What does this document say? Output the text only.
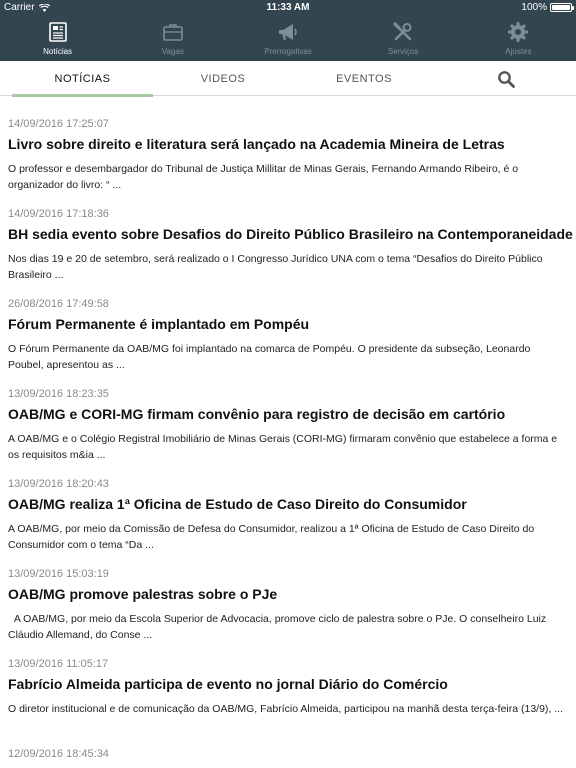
Carrier	11:33 AM	100%
Notícias	Vagas	Prerrogativas	Serviços	Ajustes
NOTÍCIAS	VIDEOS	EVENTOS
14/09/2016 17:25:07
Livro sobre direito e literatura será lançado na Academia Mineira de Letras
O professor e desembargador do Tribunal de Justiça Millitar de Minas Gerais, Fernando Armando Ribeiro, é o organizador do livro: “ ...
14/09/2016 17:18:36
BH sedia evento sobre Desafios do Direito Público Brasileiro na Contemporaneidade
Nos dias 19 e 20 de setembro, será realizado o I Congresso Jurídico UNA com o tema “Desafios do Direito Público Brasileiro ...
26/08/2016 17:49:58
Fórum Permanente é implantado em Pompéu
O Fórum Permanente da OAB/MG foi implantado na comarca de Pompéu. O presidente da subseção, Leonardo Poubel, apresentou as ...
13/09/2016 18:23:35
OAB/MG e CORI-MG firmam convênio para registro de decisão em cartório
A OAB/MG e o Colégio Registral Imobiliário de Minas Gerais (CORI-MG) firmaram convênio que estabelece a forma e os requisitos m&ia ...
13/09/2016 18:20:43
OAB/MG realiza 1ª Oficina de Estudo de Caso Direito do Consumidor
A OAB/MG, por meio da Comissão de Defesa do Consumidor, realizou a 1ª Oficina de Estudo de Caso Direito do Consumidor com o tema “Da ...
13/09/2016 15:03:19
OAB/MG promove palestras sobre o PJe
A OAB/MG, por meio da Escola Superior de Advocacia, promove ciclo de palestra sobre o PJe. O conselheiro Luiz Cláudio Allemand, do Conse ...
13/09/2016 11:05:17
Fabrício Almeida participa de evento no jornal Diário do Comércio
O diretor institucional e de comunicação da OAB/MG, Fabrício Almeida, participou na manhã desta terça-feira (13/9), ...
12/09/2016 18:45:34
